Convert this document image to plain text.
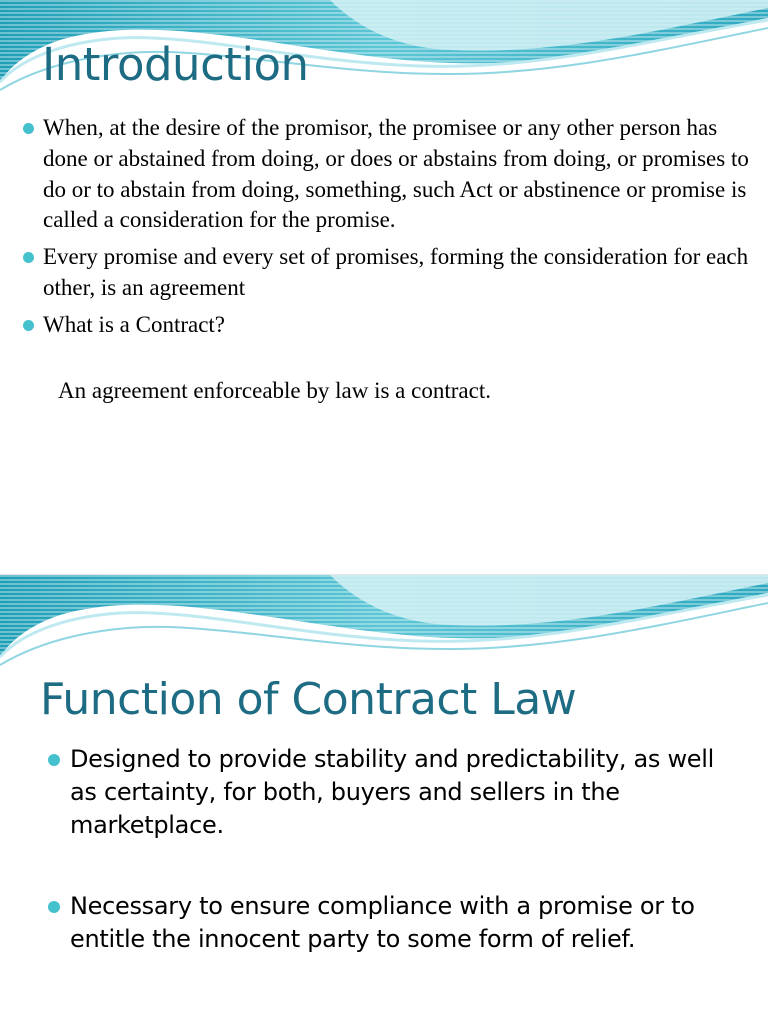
Introduction
When, at the desire of the promisor, the promisee or any other person has done or abstained from doing, or does or abstains from doing, or promises to do or to abstain from doing, something, such Act or abstinence or promise is called a consideration for the promise.
Every promise and every set of promises, forming the consideration for each other, is an agreement
What is a Contract?

An agreement enforceable by law is a contract.

Function of Contract Law
Designed to provide stability and predictability, as well as certainty, for both, buyers and sellers in the marketplace.
Necessary to ensure compliance with a promise or to entitle the innocent party to some form of relief.
